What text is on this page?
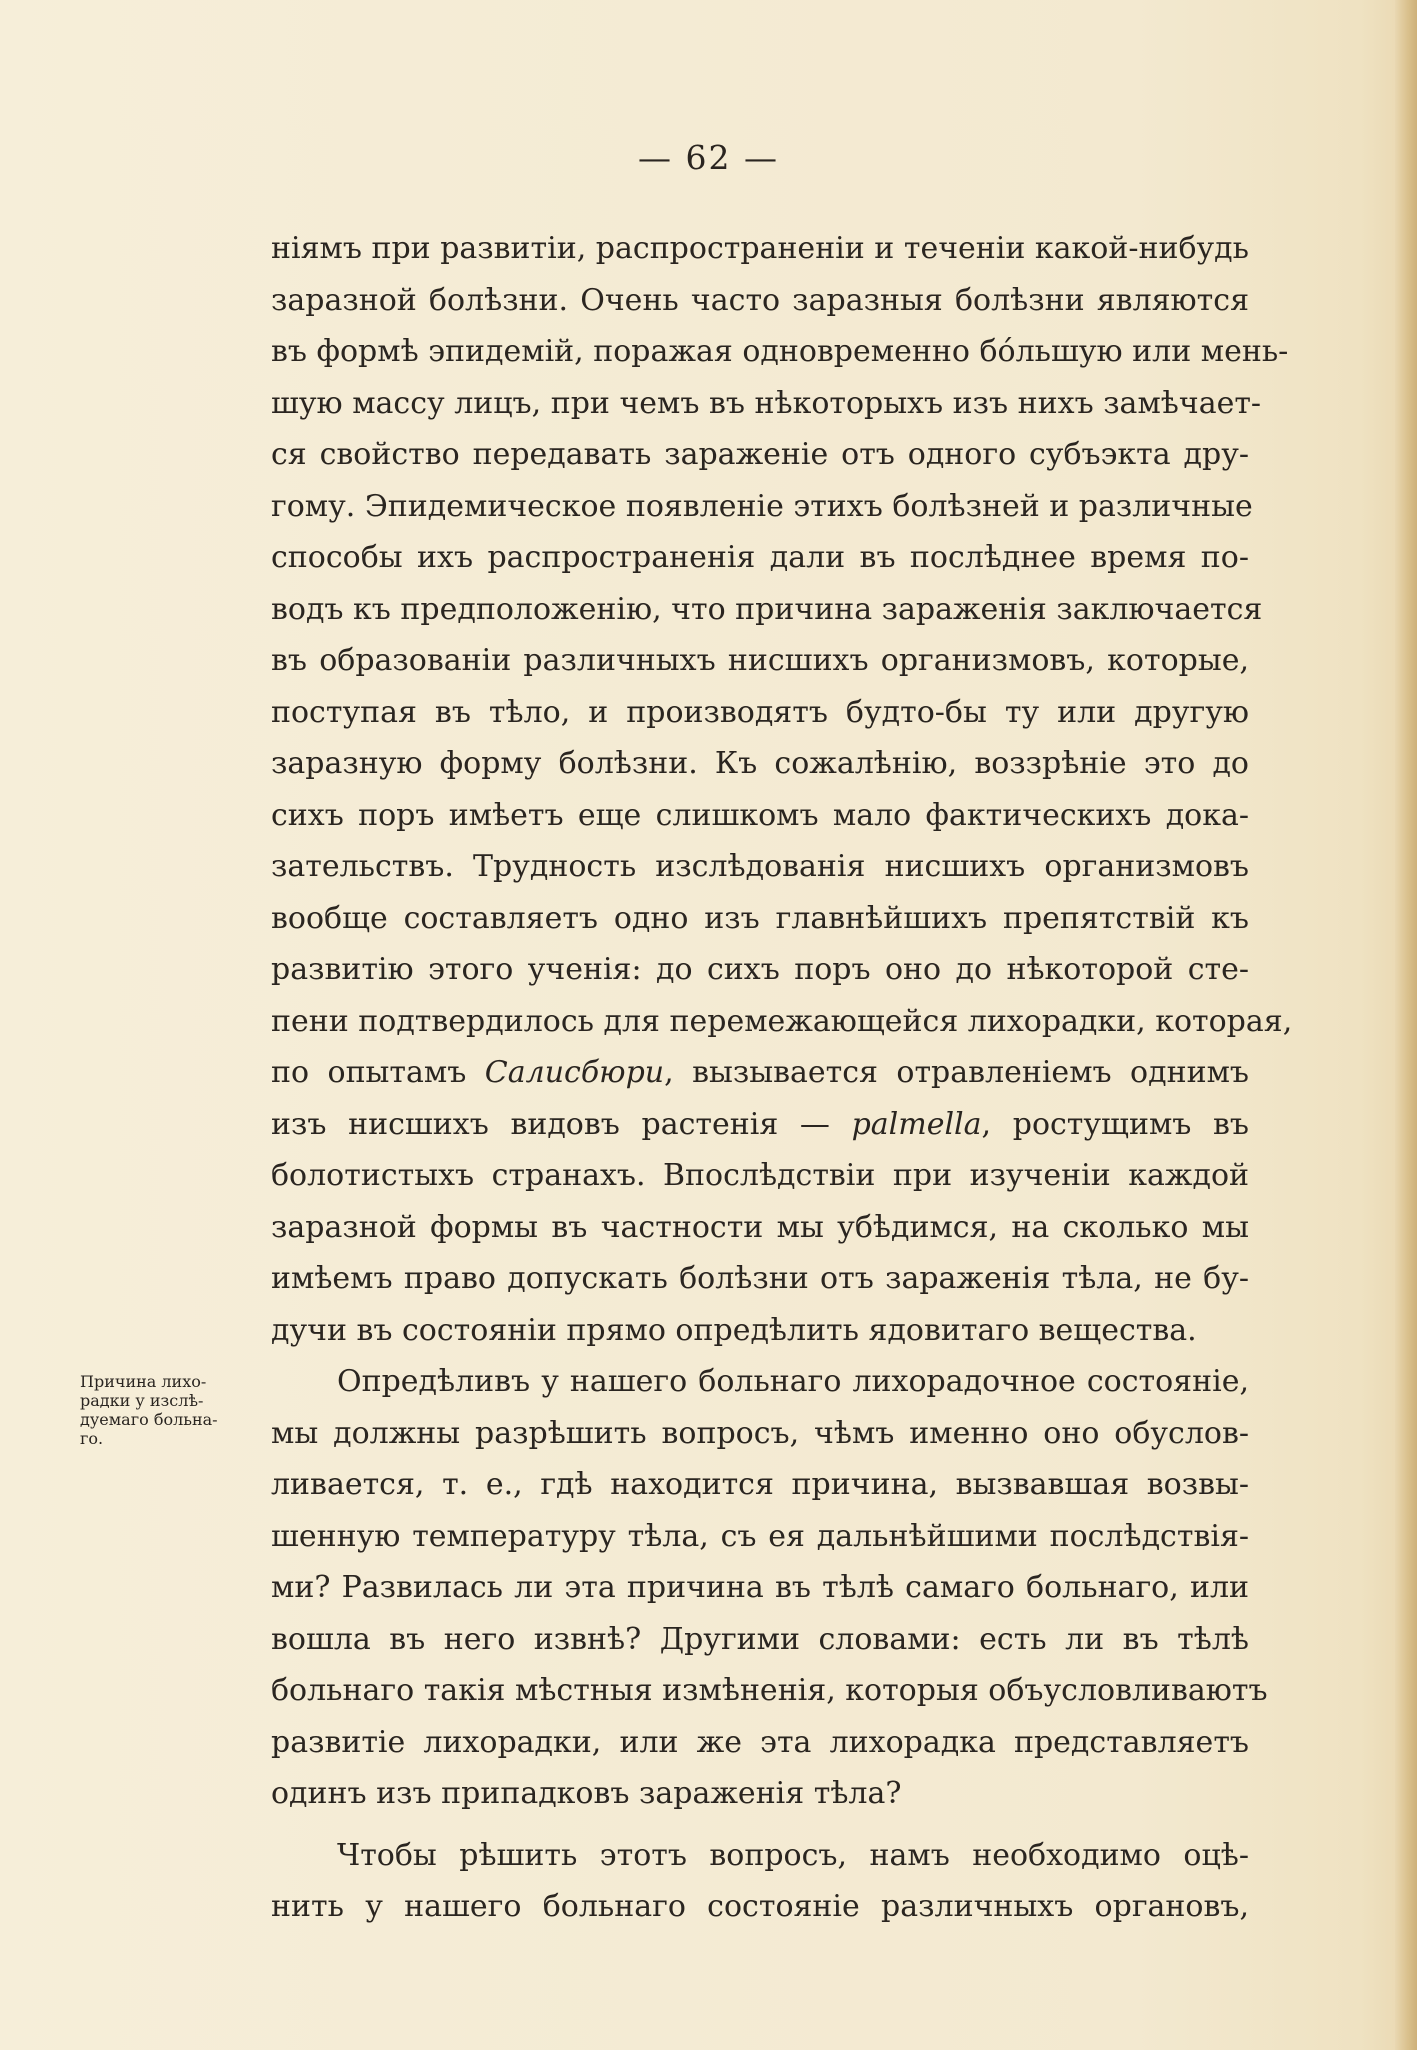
— 62 —
Причина лихо-
радки у изслѣ-
дуемаго больна-
го.
ніямъ при развитіи, распространеніи и теченіи какой-нибудь
заразной болѣзни. Очень часто заразныя болѣзни являются
въ формѣ эпидемій, поражая одновременно бо́льшую или мень-
шую массу лицъ, при чемъ въ нѣкоторыхъ изъ нихъ замѣчает-
ся свойство передавать зараженіе отъ одного субъэкта дру-
гому. Эпидемическое появленіе этихъ болѣзней и различные
способы ихъ распространенія дали въ послѣднее время по-
водъ къ предположенію, что причина зараженія заключается
въ образованіи различныхъ нисшихъ организмовъ, которые,
поступая въ тѣло, и производятъ будто-бы ту или другую
заразную форму болѣзни. Къ сожалѣнію, воззрѣніе это до
сихъ поръ имѣетъ еще слишкомъ мало фактическихъ дока-
зательствъ. Трудность изслѣдованія нисшихъ организмовъ
вообще составляетъ одно изъ главнѣйшихъ препятствій къ
развитію этого ученія: до сихъ поръ оно до нѣкоторой сте-
пени подтвердилось для перемежающейся лихорадки, которая,
по опытамъ Салисбюри, вызывается отравленіемъ однимъ
изъ нисшихъ видовъ растенія — palmella, ростущимъ въ
болотистыхъ странахъ. Впослѣдствіи при изученіи каждой
заразной формы въ частности мы убѣдимся, на сколько мы
имѣемъ право допускать болѣзни отъ зараженія тѣла, не бу-
дучи въ состояніи прямо опредѣлить ядовитаго вещества.
Опредѣливъ у нашего больнаго лихорадочное состояніе,
мы должны разрѣшить вопросъ, чѣмъ именно оно обуслов-
ливается, т. е., гдѣ находится причина, вызвавшая возвы-
шенную температуру тѣла, съ ея дальнѣйшими послѣдствія-
ми? Развилась ли эта причина въ тѣлѣ самаго больнаго, или
вошла въ него извнѣ? Другими словами: есть ли въ тѣлѣ
больнаго такія мѣстныя измѣненія, которыя объусловливаютъ
развитіе лихорадки, или же эта лихорадка представляетъ
одинъ изъ припадковъ зараженія тѣла?
Чтобы рѣшить этотъ вопросъ, намъ необходимо оцѣ-
нить у нашего больнаго состояніе различныхъ органовъ,
